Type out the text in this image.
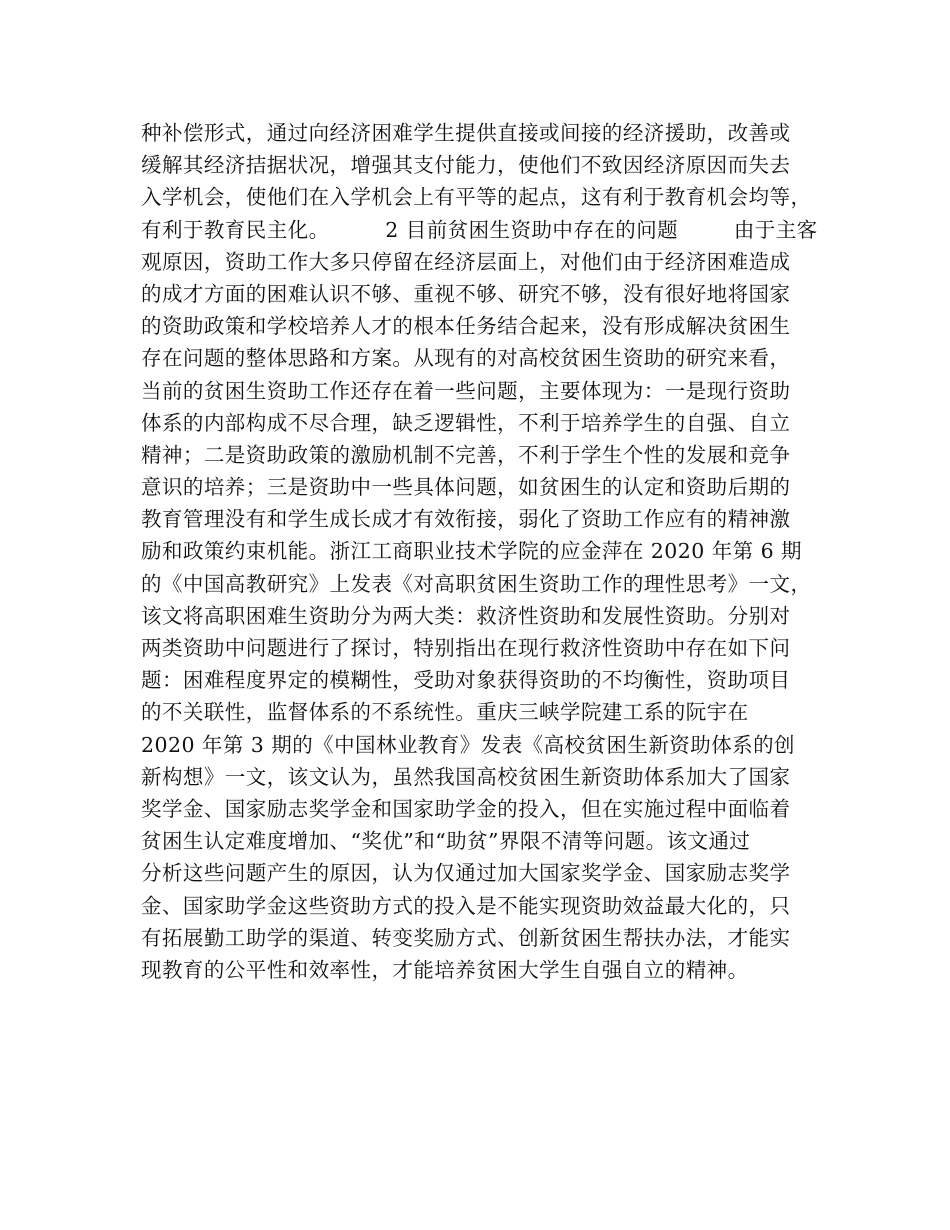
种补偿形式，通过向经济困难学生提供直接或间接的经济援助，改善或
缓解其经济拮据状况，增强其支付能力，使他们不致因经济原因而失去
入学机会，使他们在入学机会上有平等的起点，这有利于教育机会均等，
有利于教育民主化。        2 目前贫困生资助中存在的问题        由于主客
观原因，资助工作大多只停留在经济层面上，对他们由于经济困难造成
的成才方面的困难认识不够、重视不够、研究不够，没有很好地将国家
的资助政策和学校培养人才的根本任务结合起来，没有形成解决贫困生
存在问题的整体思路和方案。从现有的对高校贫困生资助的研究来看，
当前的贫困生资助工作还存在着一些问题，主要体现为：一是现行资助
体系的内部构成不尽合理，缺乏逻辑性，不利于培养学生的自强、自立
精神；二是资助政策的激励机制不完善，不利于学生个性的发展和竞争
意识的培养；三是资助中一些具体问题，如贫困生的认定和资助后期的
教育管理没有和学生成长成才有效衔接，弱化了资助工作应有的精神激
励和政策约束机能。浙江工商职业技术学院的应金萍在 2020 年第 6 期
的《中国高教研究》上发表《对高职贫困生资助工作的理性思考》一文，
该文将高职困难生资助分为两大类：救济性资助和发展性资助。分别对
两类资助中问题进行了探讨，特别指出在现行救济性资助中存在如下问
题：困难程度界定的模糊性，受助对象获得资助的不均衡性，资助项目
的不关联性，监督体系的不系统性。重庆三峡学院建工系的阮宇在
2020 年第 3 期的《中国林业教育》发表《高校贫困生新资助体系的创
新构想》一文，该文认为，虽然我国高校贫困生新资助体系加大了国家
奖学金、国家励志奖学金和国家助学金的投入，但在实施过程中面临着
贫困生认定难度增加、“奖优”和“助贫”界限不清等问题。该文通过
分析这些问题产生的原因，认为仅通过加大国家奖学金、国家励志奖学
金、国家助学金这些资助方式的投入是不能实现资助效益最大化的，只
有拓展勤工助学的渠道、转变奖励方式、创新贫困生帮扶办法，才能实
现教育的公平性和效率性，才能培养贫困大学生自强自立的精神。
